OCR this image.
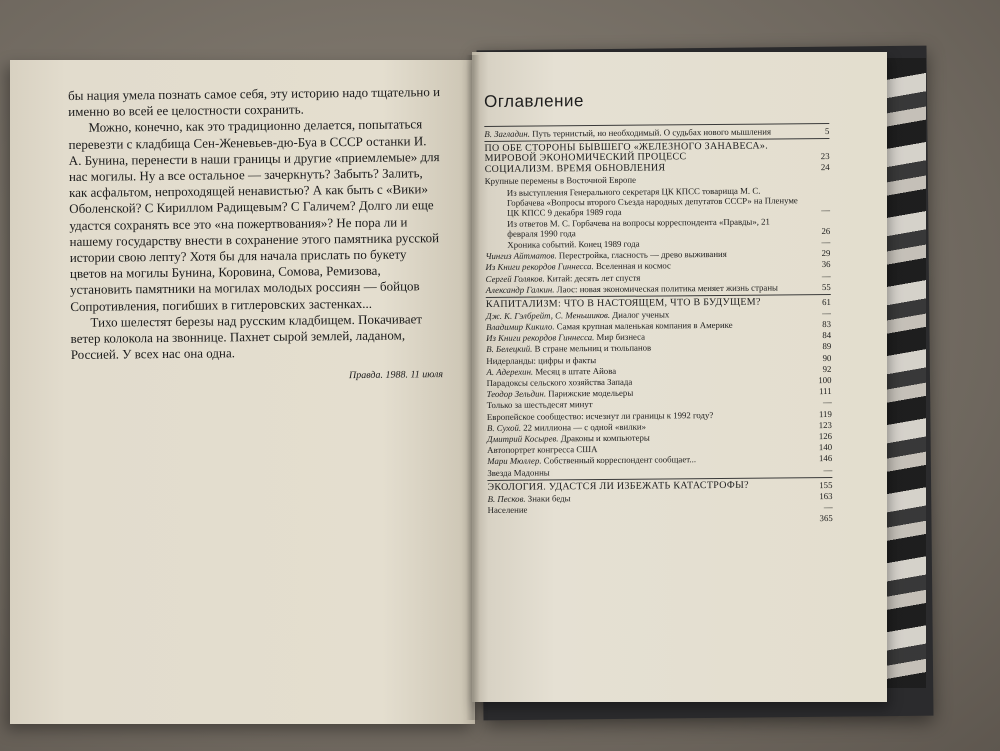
бы нация умела познать самое себя, эту историю надо тщательно и именно во всей ее целостности сохранить.

Можно, конечно, как это традиционно делается, попытаться перевезти с кладбища Сен-Женевьев-дю-Буа в СССР останки И. А. Бунина, перенести в наши границы и другие «приемлемые» для нас могилы. Ну а все остальное — зачеркнуть? Забыть? Залить, как асфальтом, непроходящей ненавистью? А как быть с «Вики» Оболенской? С Кириллом Радищевым? С Галичем? Долго ли еще удастся сохранять все это «на пожертвования»? Не пора ли и нашему государству внести в сохранение этого памятника русской истории свою лепту? Хотя бы для начала прислать по букету цветов на могилы Бунина, Коровина, Сомова, Ремизова, установить памятники на могилах молодых россиян — бойцов Сопротивления, погибших в гитлеровских застенках...

Тихо шелестят березы над русским кладбищем. Покачивает ветер колокола на звоннице. Пахнет сырой землей, ладаном, Россией. У всех нас она одна.

Правда. 1988. 11 июля

Оглавление
В. Загладин. Путь тернистый, но необходимый. О судьбах нового мышления	5
ПО ОБЕ СТОРОНЫ БЫВШЕГО «ЖЕЛЕЗНОГО ЗАНАВЕСА». МИРОВОЙ ЭКОНОМИЧЕСКИЙ ПРОЦЕСС	23
СОЦИАЛИЗМ. ВРЕМЯ ОБНОВЛЕНИЯ	24
Крупные перемены в Восточной Европе
Из выступления Генерального секретаря ЦК КПСС товарища М. С. Горбачева «Вопросы второго Съезда народных депутатов СССР» на Пленуме ЦК КПСС 9 декабря 1989 года	—
Из ответов М. С. Горбачева на вопросы корреспондента «Правды», 21 февраля 1990 года	26
Хроника событий. Конец 1989 года	—
Чингиз Айтматов. Перестройка, гласность — древо выживания	29
Из Книги рекордов Гиннесса. Вселенная и космос	36
Сергей Голяков. Китай: десять лет спустя	—
Александр Галкин. Лаос: новая экономическая политика меняет жизнь страны	55
КАПИТАЛИЗМ: ЧТО В НАСТОЯЩЕМ, ЧТО В БУДУЩЕМ?	61
Дж. К. Гэлбрейт, С. Меньшиков. Диалог ученых	—
Владимир Кикило. Самая крупная маленькая компания в Америке	83
Из Книги рекордов Гиннесса. Мир бизнеса	84
В. Белецкий. В стране мельниц и тюльпанов	89
Нидерланды: цифры и факты	90
А. Адерехин. Месяц в штате Айова	92
Парадоксы сельского хозяйства Запада	100
Теодор Зельдин. Парижские модельеры	111
Только за шестьдесят минут	—
Европейское сообщество: исчезнут ли границы к 1992 году?	119
В. Сухой. 22 миллиона — с одной «вилки»	123
Дмитрий Косырев. Драконы и компьютеры	126
Автопортрет конгресса США	140
Мари Мюллер. Собственный корреспондент сообщает...	146
Звезда Мадонны	—
ЭКОЛОГИЯ. УДАСТСЯ ЛИ ИЗБЕЖАТЬ КАТАСТРОФЫ?	155
В. Песков. Знаки беды	163
Население	—
365
